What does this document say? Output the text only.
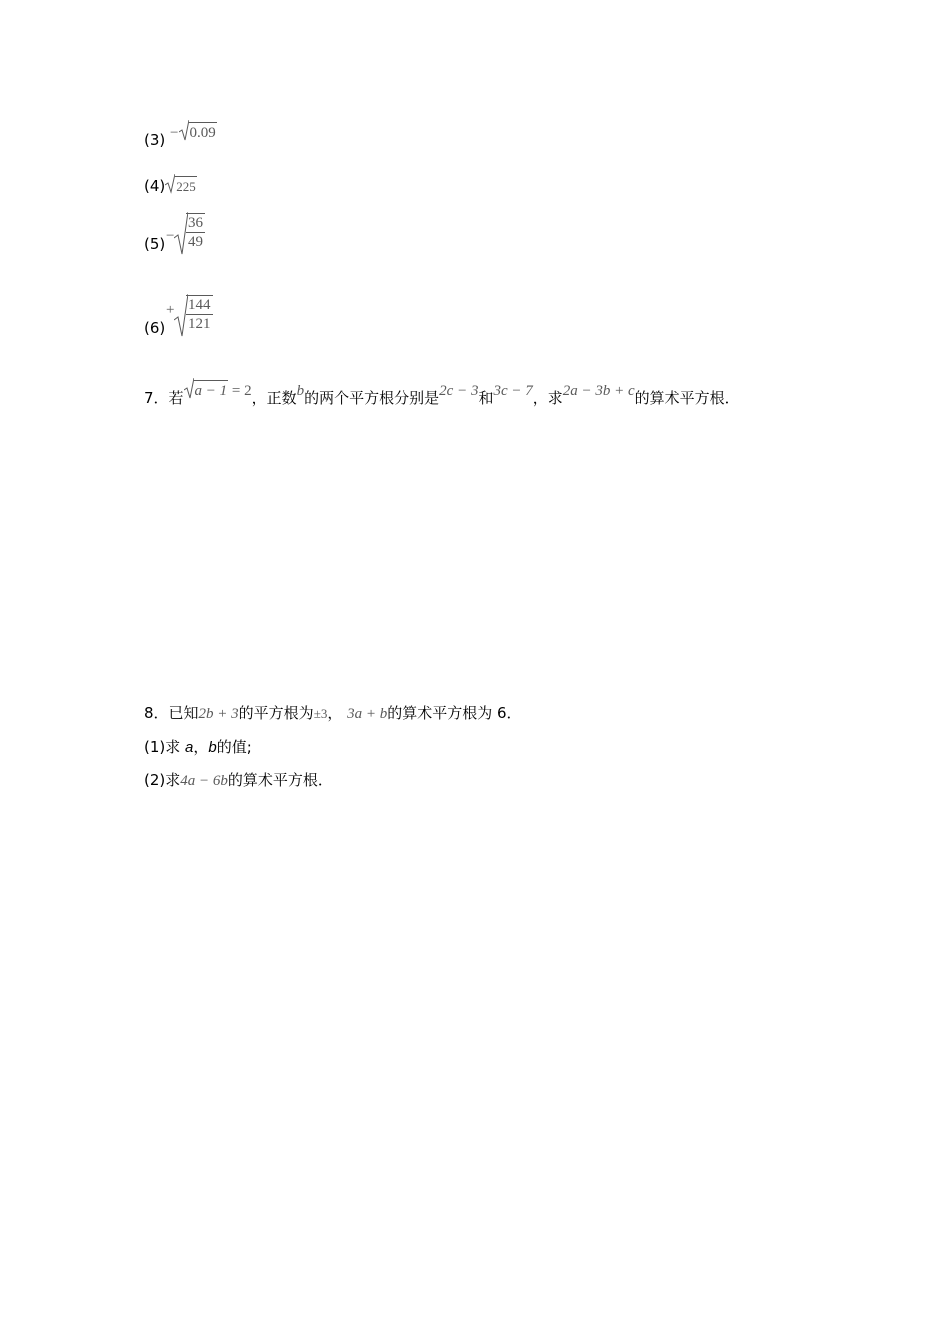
(3) − 0.09
(4) 225
$(5) - \frac{36}{49}$
(6)
+ $\frac{144}{121}$
7．若 a − 1 = 2，正数b的两个平方根分别是2c − 3和3c − 7，求2a − 3b + c的算术平方根．
8．已知2b + 3的平方根为±3， 3a + b的算术平方根为 6．
(1)求 a，b的值;
(2)求4a − 6b的算术平方根．
